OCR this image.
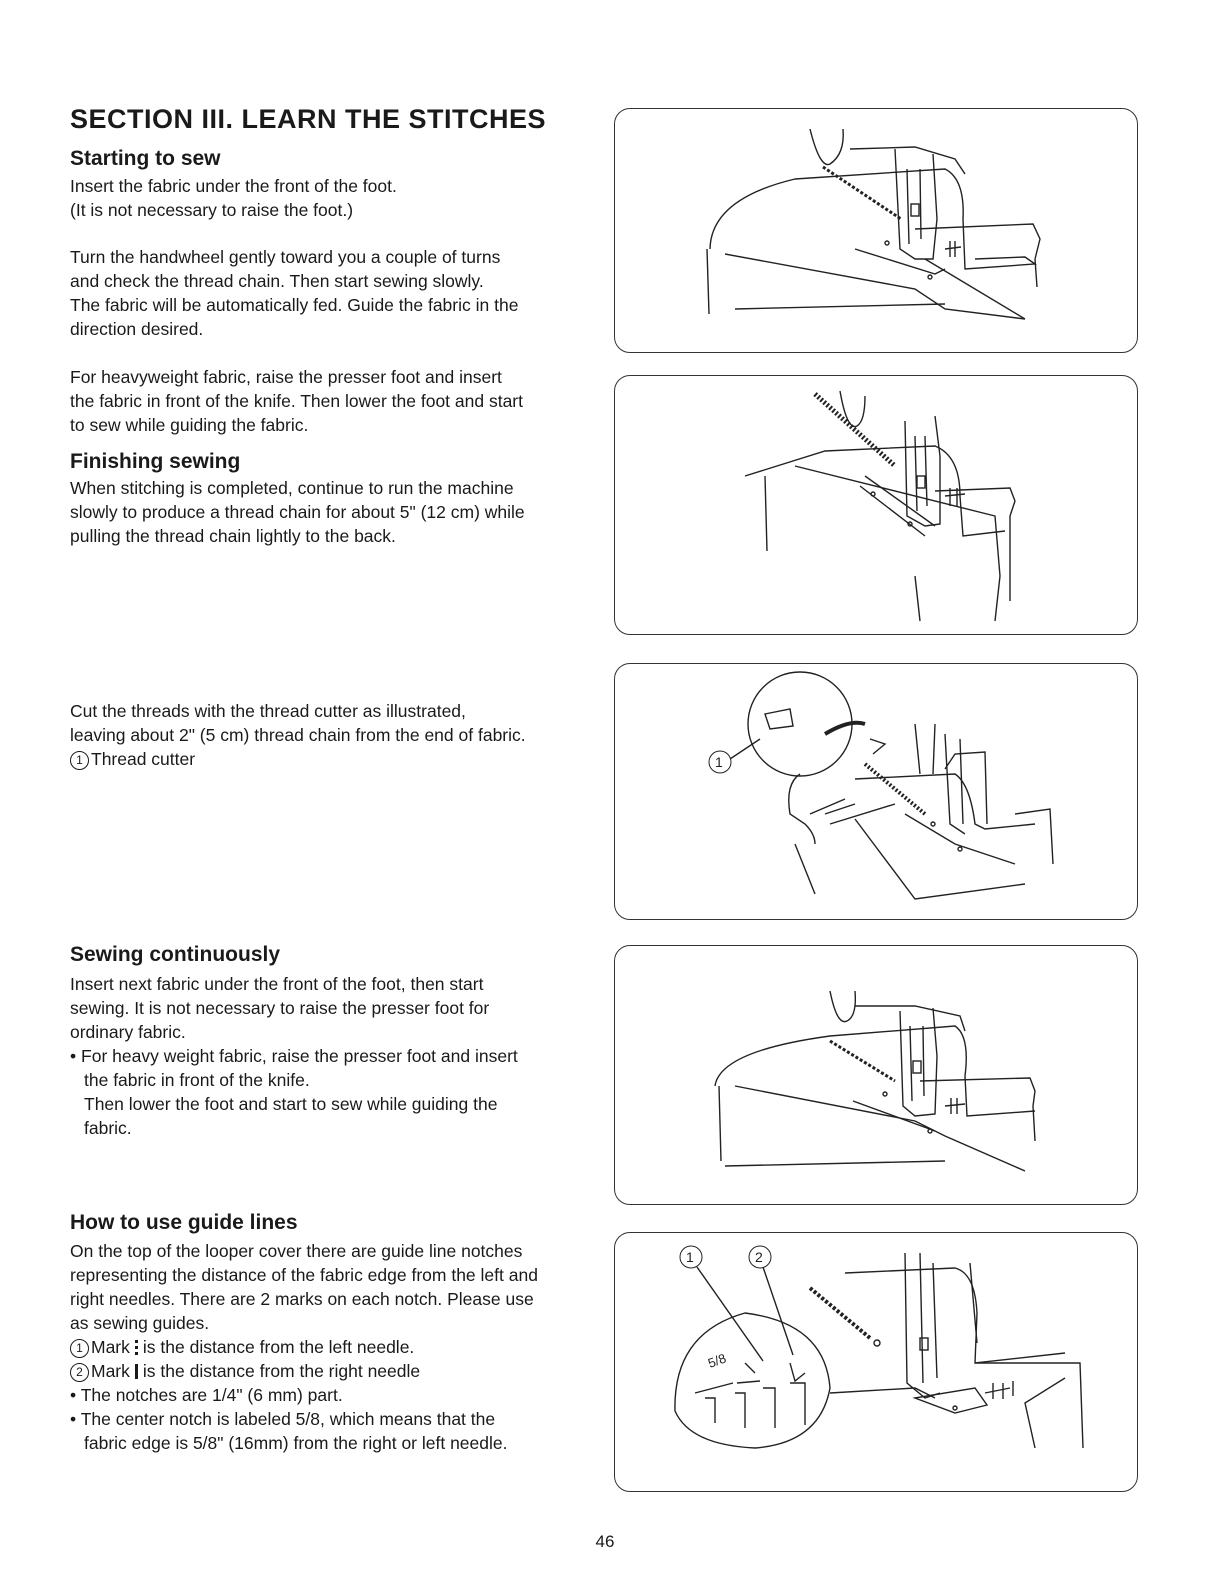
SECTION III. LEARN THE STITCHES
Starting to sew
Insert the fabric under the front of the foot.
(It is not necessary to raise the foot.)
Turn the handwheel gently toward you a couple of turns
and check the thread chain. Then start sewing slowly.
The fabric will be automatically fed. Guide the fabric in the
direction desired.
For heavyweight fabric, raise the presser foot and insert
the fabric in front of the knife. Then lower the foot and start
to sew while guiding the fabric.
Finishing sewing
When stitching is completed, continue to run the machine
slowly to produce a thread chain for about 5" (12 cm) while
pulling the thread chain lightly to the back.
Cut the threads with the thread cutter as illustrated,
leaving about 2" (5 cm) thread chain from the end of fabric.
1 Thread cutter
Sewing continuously
Insert next fabric under the front of the foot, then start
sewing. It is not necessary to raise the presser foot for
ordinary fabric.
• For heavy weight fabric, raise the presser foot and insert
the fabric in front of the knife.
Then lower the foot and start to sew while guiding the
fabric.
How to use guide lines
On the top of the looper cover there are guide line notches
representing the distance of the fabric edge from the left and
right needles. There are 2 marks on each notch. Please use
as sewing guides.
1 Mark is the distance from the left needle.
2 Mark is the distance from the right needle
• The notches are 1/4" (6 mm) part.
• The center notch is labeled 5/8, which means that the
fabric edge is 5/8" (16mm) from the right or left needle.
1
1	2
5/8
46
